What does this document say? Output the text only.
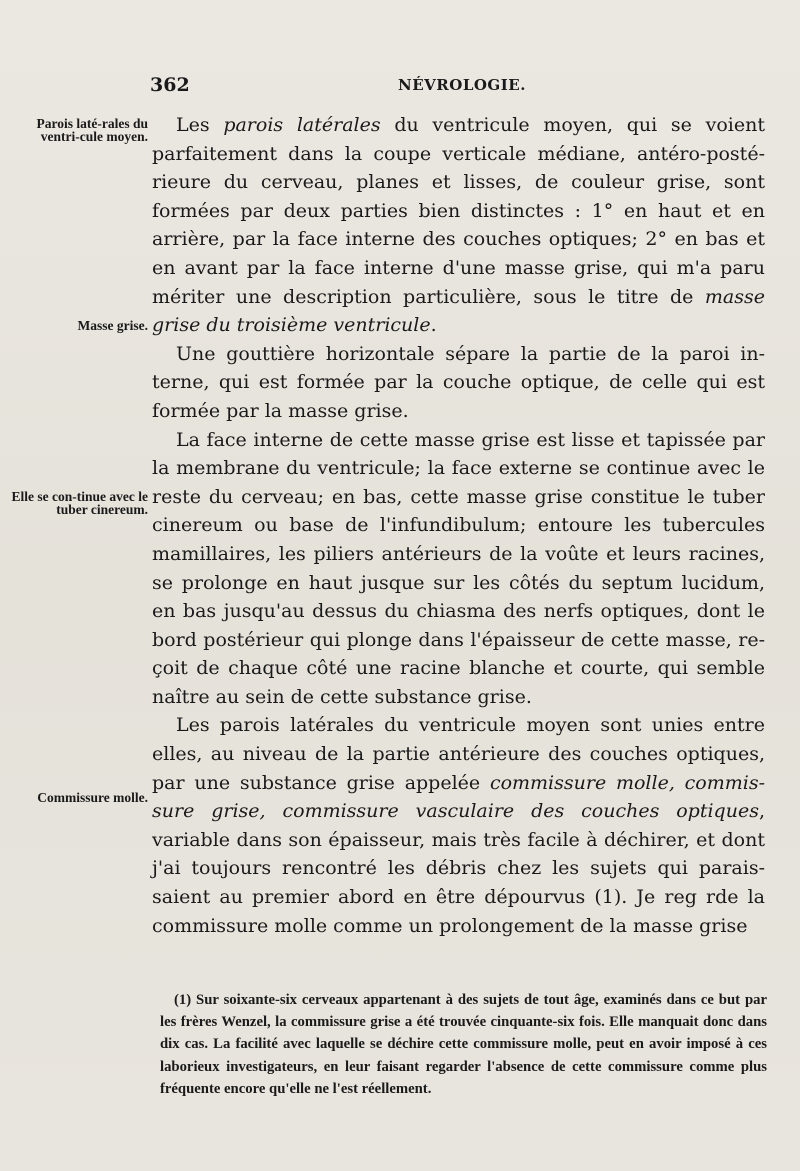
362	NÉVROLOGIE.
Parois laté-rales du ventri-cule moyen.
Masse grise.
Elle se con-tinue avec le tuber cinereum.
Commissure molle.

Les parois latérales du ventricule moyen, qui se voient parfaitement dans la coupe verticale médiane, antéro-postérieure du cerveau, planes et lisses, de couleur grise, sont formées par deux parties bien distinctes : 1° en haut et en arrière, par la face interne des couches optiques; 2° en bas et en avant par la face interne d'une masse grise, qui m'a paru mériter une description particulière, sous le titre de masse grise du troisième ventricule.

Une gouttière horizontale sépare la partie de la paroi interne, qui est formée par la couche optique, de celle qui est formée par la masse grise.

La face interne de cette masse grise est lisse et tapissée par la membrane du ventricule; la face externe se continue avec le reste du cerveau; en bas, cette masse grise constitue le tuber cinereum ou base de l'infundibulum; entoure les tubercules mamillaires, les piliers antérieurs de la voûte et leurs racines, se prolonge en haut jusque sur les côtés du septum lucidum, en bas jusqu'au dessus du chiasma des nerfs optiques, dont le bord postérieur qui plonge dans l'épaisseur de cette masse, reçoit de chaque côté une racine blanche et courte, qui semble naître au sein de cette substance grise.

Les parois latérales du ventricule moyen sont unies entre elles, au niveau de la partie antérieure des couches optiques, par une substance grise appelée commissure molle, commissure grise, commissure vasculaire des couches optiques, variable dans son épaisseur, mais très facile à déchirer, et dont j'ai toujours rencontré les débris chez les sujets qui paraissaient au premier abord en être dépourvus (1). Je reg rde la commissure molle comme un prolongement de la masse grise

(1) Sur soixante-six cerveaux appartenant à des sujets de tout âge, examinés dans ce but par les frères Wenzel, la commissure grise a été trouvée cinquante-six fois. Elle manquait donc dans dix cas. La facilité avec laquelle se déchire cette commissure molle, peut en avoir imposé à ces laborieux investigateurs, en leur faisant regarder l'absence de cette commissure comme plus fréquente encore qu'elle ne l'est réellement.
